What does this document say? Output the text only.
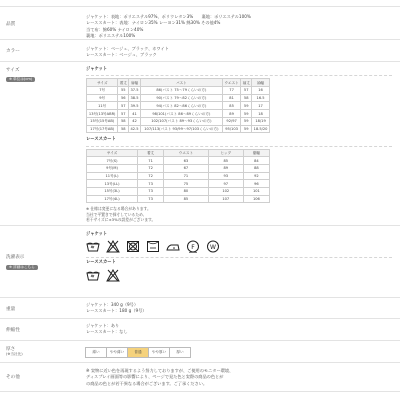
品質
ジャケット：表地：ポリエステル97%、ポリウレタン3%　　裏地：ポリエステル100%
レーススカート：表地：ナイロン35% レーヨン31% 綿30% その他4%
当て布：綿60% ナイロン40%
裏地：ポリエステル100%
カラー
ジャケット：ベージュ、ブラック、ホワイト
レーススカート：ベージュ、ブラック
サイズ
※ 単位は(cm)
ジャケット
サイズ	着丈	肩幅	バスト	ウエスト	袖丈	袖幅
7号	55	37.5	86(バスト 75〜79くらいの方)	77	57	16
9号	56	38.5	90(バスト 79〜82くらいの方)	81	58	16.5
11号	57	39.5	94(バスト 82〜86くらいの方)	85	59	17
13号(13号ABR)	57	41	98/101(バスト 86〜89くらいの方)	89	59	18
15号(15号AB)	58	42	102/107(バスト 89〜93くらいの方)	92/97	59	18/19
17号(17号AB)	58	42.5	107/113(バスト 93/99〜97/103くらいの方)	95/103	59	18.5/20
レーススカート
サイズ	着丈	ウエスト	ヒップ	裾幅
7号(S)	71	63	85	84
9号(M)	72	67	89	88
11号(L)	72	71	93	92
13号(LL)	73	75	97	96
15号(3L)	73	80	102	101
17号(4L)	73	85	107	106
※ 仕様は変更になる場合があります。
当社で平置きで採寸しているため、
若干サイズに±3%の誤差がございます。
洗濯表示
※ 詳細はこちら
ジャケット
F	W
レーススカート
重量
ジャケット：340 g（9号）
レーススカート：180 g（9号）
伸縮性
ジャケット：あり
レーススカート：なし
厚さ
(※当社比)	薄い	やや薄い	普通	やや厚い	厚い
その他
※ 実物に近い色を再現するよう努力しておりますが、ご使用のモニター環境、
ディスプレイ画面等の影響により、ページで見た色と実際の商品の色とが
の商品の色とが若干異なる場合がございます。ご了承ください。
